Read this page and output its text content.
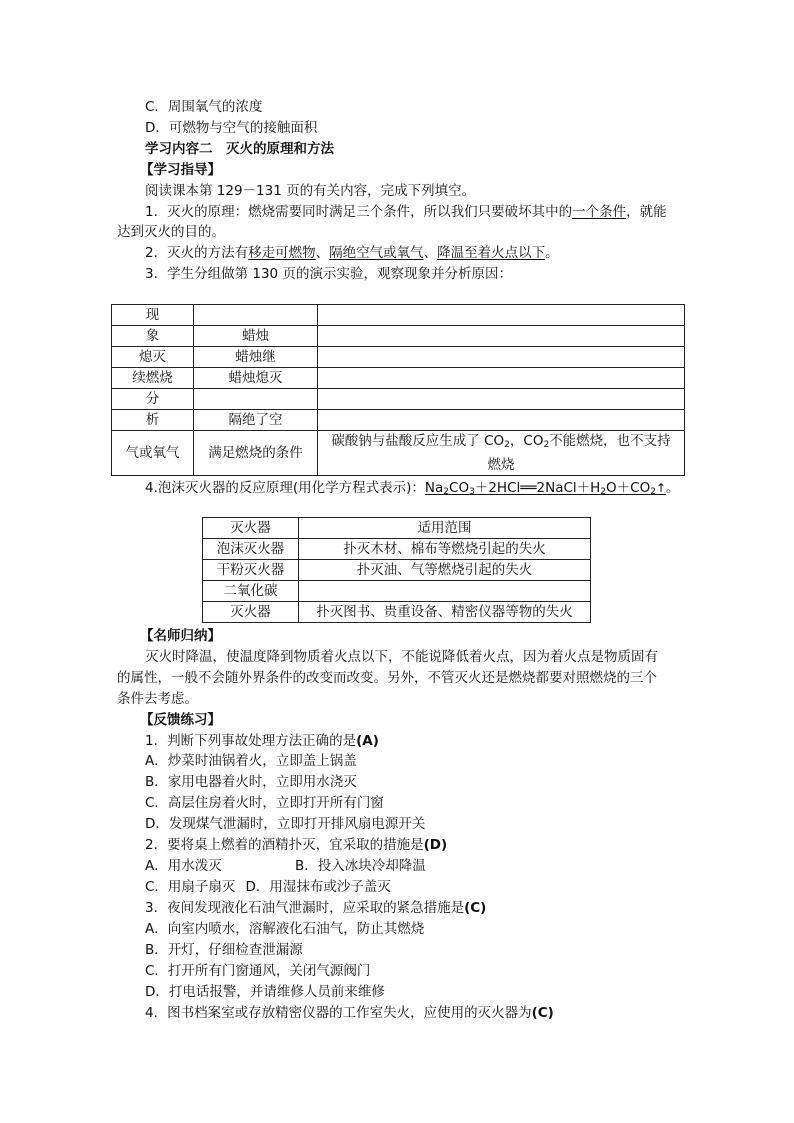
C．周围氧气的浓度
D．可燃物与空气的接触面积
学习内容二　灭火的原理和方法
【学习指导】
阅读课本第 129－131 页的有关内容，完成下列填空。
1．灭火的原理：燃烧需要同时满足三个条件，所以我们只要破坏其中的一个条件，就能
达到灭火的目的。
2．灭火的方法有移走可燃物、隔绝空气或氧气、降温至着火点以下。
3．学生分组做第 130 页的演示实验，观察现象并分析原因：
现		
象	蜡烛	
熄灭	蜡烛继	
续燃烧	蜡烛熄灭	
分		
析	隔绝了空	
气或氧气	满足燃烧的条件	碳酸钠与盐酸反应生成了 $CO_2$，$CO_2$不能燃烧，也不支持
燃烧
4.泡沫灭火器的反应原理(用化学方程式表示)：$Na_2CO_3+2HCl══2NaCl+H_2O+CO_2↑$。
灭火器	适用范围
泡沫灭火器	扑灭木材、棉布等燃烧引起的失火
干粉灭火器	扑灭油、气等燃烧引起的失火
二氧化碳	
灭火器	扑灭图书、贵重设备、精密仪器等物的失火
【名师归纳】
灭火时降温，使温度降到物质着火点以下，不能说降低着火点，因为着火点是物质固有
的属性，一般不会随外界条件的改变而改变。另外，不管灭火还是燃烧都要对照燃烧的三个
条件去考虑。
【反馈练习】
1．判断下列事故处理方法正确的是(A)
A．炒菜时油锅着火，立即盖上锅盖
B．家用电器着火时，立即用水浇灭
C．高层住房着火时，立即打开所有门窗
D．发现煤气泄漏时，立即打开排风扇电源开关
2．要将桌上燃着的酒精扑灭，宜采取的措施是(D)
A．用水泼灭	B．投入冰块冷却降温
C．用扇子扇灭 D．用湿抹布或沙子盖灭
3．夜间发现液化石油气泄漏时，应采取的紧急措施是(C)
A．向室内喷水，溶解液化石油气，防止其燃烧
B．开灯，仔细检查泄漏源
C．打开所有门窗通风，关闭气源阀门
D．打电话报警，并请维修人员前来维修
4．图书档案室或存放精密仪器的工作室失火，应使用的灭火器为(C)
